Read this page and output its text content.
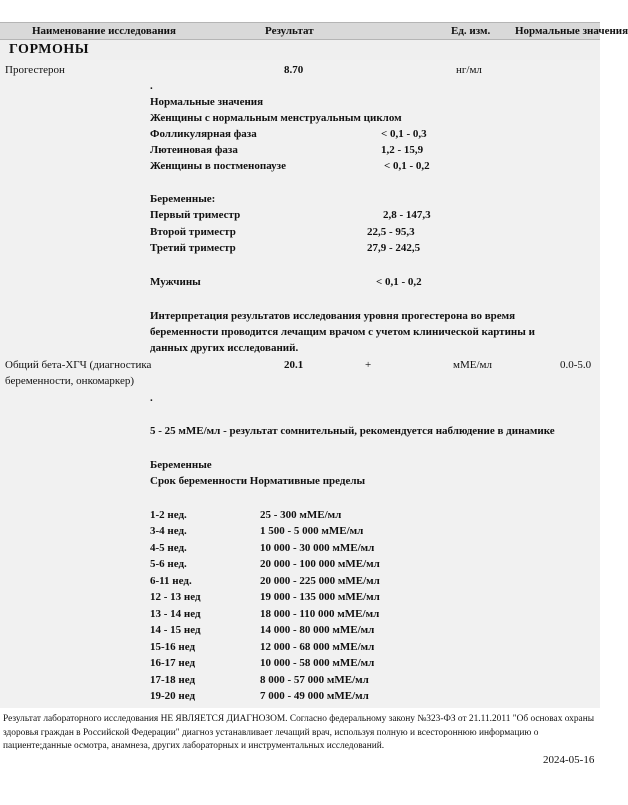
Наименование исследования	Результат	Ед. изм. Нормальные значения
ГОРМОНЫ
Прогестерон	8.70	нг/мл
.
Нормальные значения
Женщины с нормальным менструальным циклом
Фолликулярная фаза	< 0,1 - 0,3
Лютеиновая фаза	1,2 - 15,9
Женщины в постменопаузе	< 0,1 - 0,2
Беременные:
Первый триместр	2,8 - 147,3
Второй триместр	22,5 - 95,3
Третий триместр	27,9 - 242,5
Мужчины	< 0,1 - 0,2
Интерпретация результатов исследования уровня прогестерона во время
беременности проводится лечащим врачом с учетом клинической картины и
данных других исследований.
Общий бета-ХГЧ (диагностика
беременности, онкомаркер)
20.1	+	мМЕ/мл	0.0-5.0
.
5 - 25 мМЕ/мл - результат сомнительный, рекомендуется наблюдение в динамике
Беременные
Срок беременности Нормативные пределы
1-2 нед.	25 - 300 мМЕ/мл
3-4 нед.	1 500 - 5 000 мМЕ/мл
4-5 нед.	10 000 - 30 000 мМЕ/мл
5-6 нед.	20 000 - 100 000 мМЕ/мл
6-11 нед.	20 000 - 225 000 мМЕ/мл
12 - 13 нед	19 000 - 135 000 мМЕ/мл
13 - 14 нед	18 000 - 110 000 мМЕ/мл
14 - 15 нед	14 000 - 80 000 мМЕ/мл
15-16 нед	12 000 - 68 000 мМЕ/мл
16-17 нед	10 000 - 58 000 мМЕ/мл
17-18 нед	8 000 - 57 000 мМЕ/мл
19-20 нед	7 000 - 49 000 мМЕ/мл
Результат лабораторного исследования НЕ ЯВЛЯЕТСЯ ДИАГНОЗОМ. Согласно федеральному закону №323-ФЗ от 21.11.2011 "Об основах охраны
здоровья граждан в Российской Федерации" диагноз устанавливает лечащий врач, используя полную и всестороннюю информацию о
пациенте;данные осмотра, анамнеза, других лабораторных и инструментальных исследований.
2024-05-16
